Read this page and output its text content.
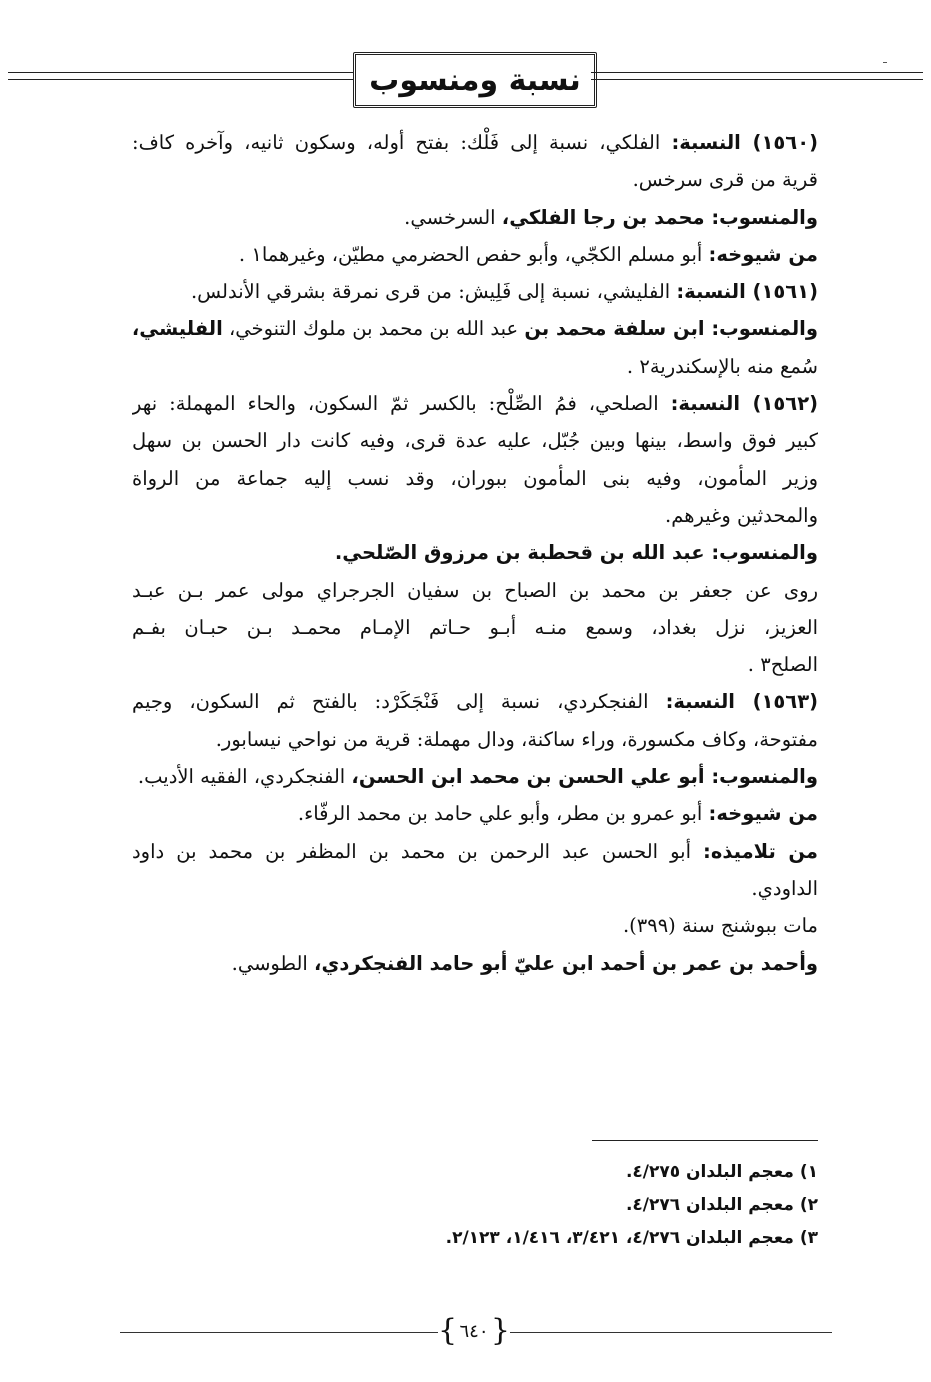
نسبة ومنسوب
(١٥٦٠) النسبة: الفلكي، نسبة إلى فَلْك: بفتح أوله، وسكون ثانيه، وآخره كاف:
قرية من قرى سرخس.
والمنسوب: محمد بن رجا الفلكي، السرخسي.
من شيوخه: أبو مسلم الكجّي، وأبو حفص الحضرمي مطيّن، وغيرهما١ .
(١٥٦١) النسبة: الفليشي، نسبة إلى فَلِيش: من قرى نمرقة بشرقي الأندلس.
والمنسوب: ابن سلفة محمد بن عبد الله بن محمد بن ملوك التنوخي، الفليشي،
سُمع منه بالإسكندرية٢ .
(١٥٦٢) النسبة: الصلحي، فمُ الصِّلْح: بالكسر ثمّ السكون، والحاء المهملة: نهر
كبير فوق واسط، بينها وبين جُبّل، عليه عدة قرى، وفيه كانت دار الحسن بن سهل
وزير المأمون، وفيه بنى المأمون ببوران، وقد نسب إليه جماعة من الرواة
والمحدثين وغيرهم.
والمنسوب: عبد الله بن قحطبة بن مرزوق الصّلحي.
روى عن جعفر بن محمد بن الصباح بن سفيان الجرجراي مولى عمر بـن عبـد
العزيز، نزل بغداد، وسمع منـه أبـو حـاتم الإمـام محمـد بـن حبـان بفـم
الصلح٣ .
(١٥٦٣) النسبة: الفنجكردي، نسبة إلى فَنْجَكَرْد: بالفتح ثم السكون، وجيم
مفتوحة، وكاف مكسورة، وراء ساكنة، ودال مهملة: قرية من نواحي نيسابور.
والمنسوب: أبو علي الحسن بن محمد ابن الحسن، الفنجكردي، الفقيه الأديب.
من شيوخه: أبو عمرو بن مطر، وأبو علي حامد بن محمد الرفّاء.
من تلاميذه: أبو الحسن عبد الرحمن بن محمد بن المظفر بن محمد بن داود
الداودي.
مات ببوشنج سنة (٣٩٩).
وأحمد بن عمر بن أحمد ابن عليّ أبو حامد الفنجكردي، الطوسي.
١) معجم البلدان ٤/٢٧٥.
٢) معجم البلدان ٤/٢٧٦.
٣) معجم البلدان ٤/٢٧٦، ٣/٤٢١، ١/٤١٦، ٢/١٢٣.
{ ٦٤٠ }
